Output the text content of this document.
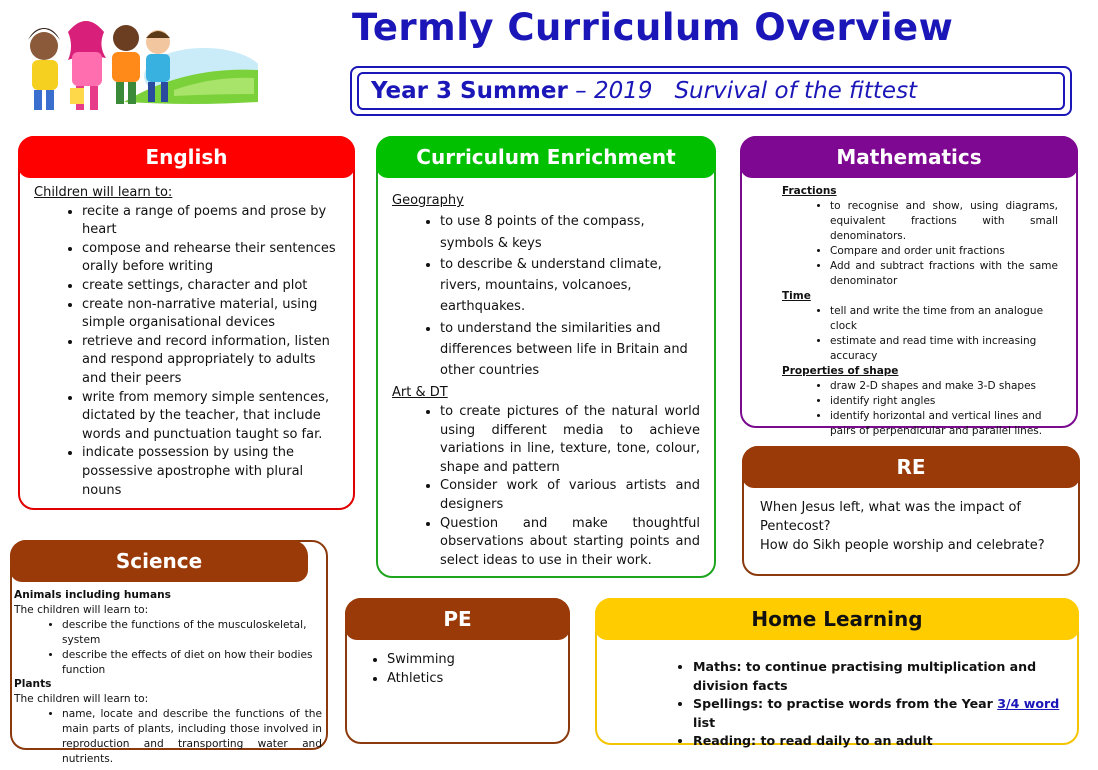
Termly Curriculum Overview
Year 3 Summer – 2019 Survival of the fittest
English
Children will learn to:
• recite a range of poems and prose by heart
• compose and rehearse their sentences orally before writing
• create settings, character and plot
• create non-narrative material, using simple organisational devices
• retrieve and record information, listen and respond appropriately to adults and their peers
• write from memory simple sentences, dictated by the teacher, that include words and punctuation taught so far.
• indicate possession by using the possessive apostrophe with plural nouns
Curriculum Enrichment
Geography
• to use 8 points of the compass, symbols & keys
• to describe & understand climate, rivers, mountains, volcanoes, earthquakes.
• to understand the similarities and differences between life in Britain and other countries
Art & DT
• to create pictures of the natural world using different media to achieve variations in line, texture, tone, colour, shape and pattern
• Consider work of various artists and designers
• Question and make thoughtful observations about starting points and select ideas to use in their work.
Mathematics
Fractions
• to recognise and show, using diagrams, equivalent fractions with small denominators.
• Compare and order unit fractions
• Add and subtract fractions with the same denominator
Time
• tell and write the time from an analogue clock
• estimate and read time with increasing accuracy
Properties of shape
• draw 2-D shapes and make 3-D shapes
• identify right angles
• identify horizontal and vertical lines and pairs of perpendicular and parallel lines.
RE
When Jesus left, what was the impact of Pentecost?
How do Sikh people worship and celebrate?
Science
Animals including humans
The children will learn to:
• describe the functions of the musculoskeletal, system
• describe the effects of diet on how their bodies function
Plants
The children will learn to:
• name, locate and describe the functions of the main parts of plants, including those involved in reproduction and transporting water and nutrients.
PE
• Swimming
• Athletics
Home Learning
• Maths: to continue practising multiplication and division facts
• Spellings: to practise words from the Year 3/4 word list
• Reading: to read daily to an adult
